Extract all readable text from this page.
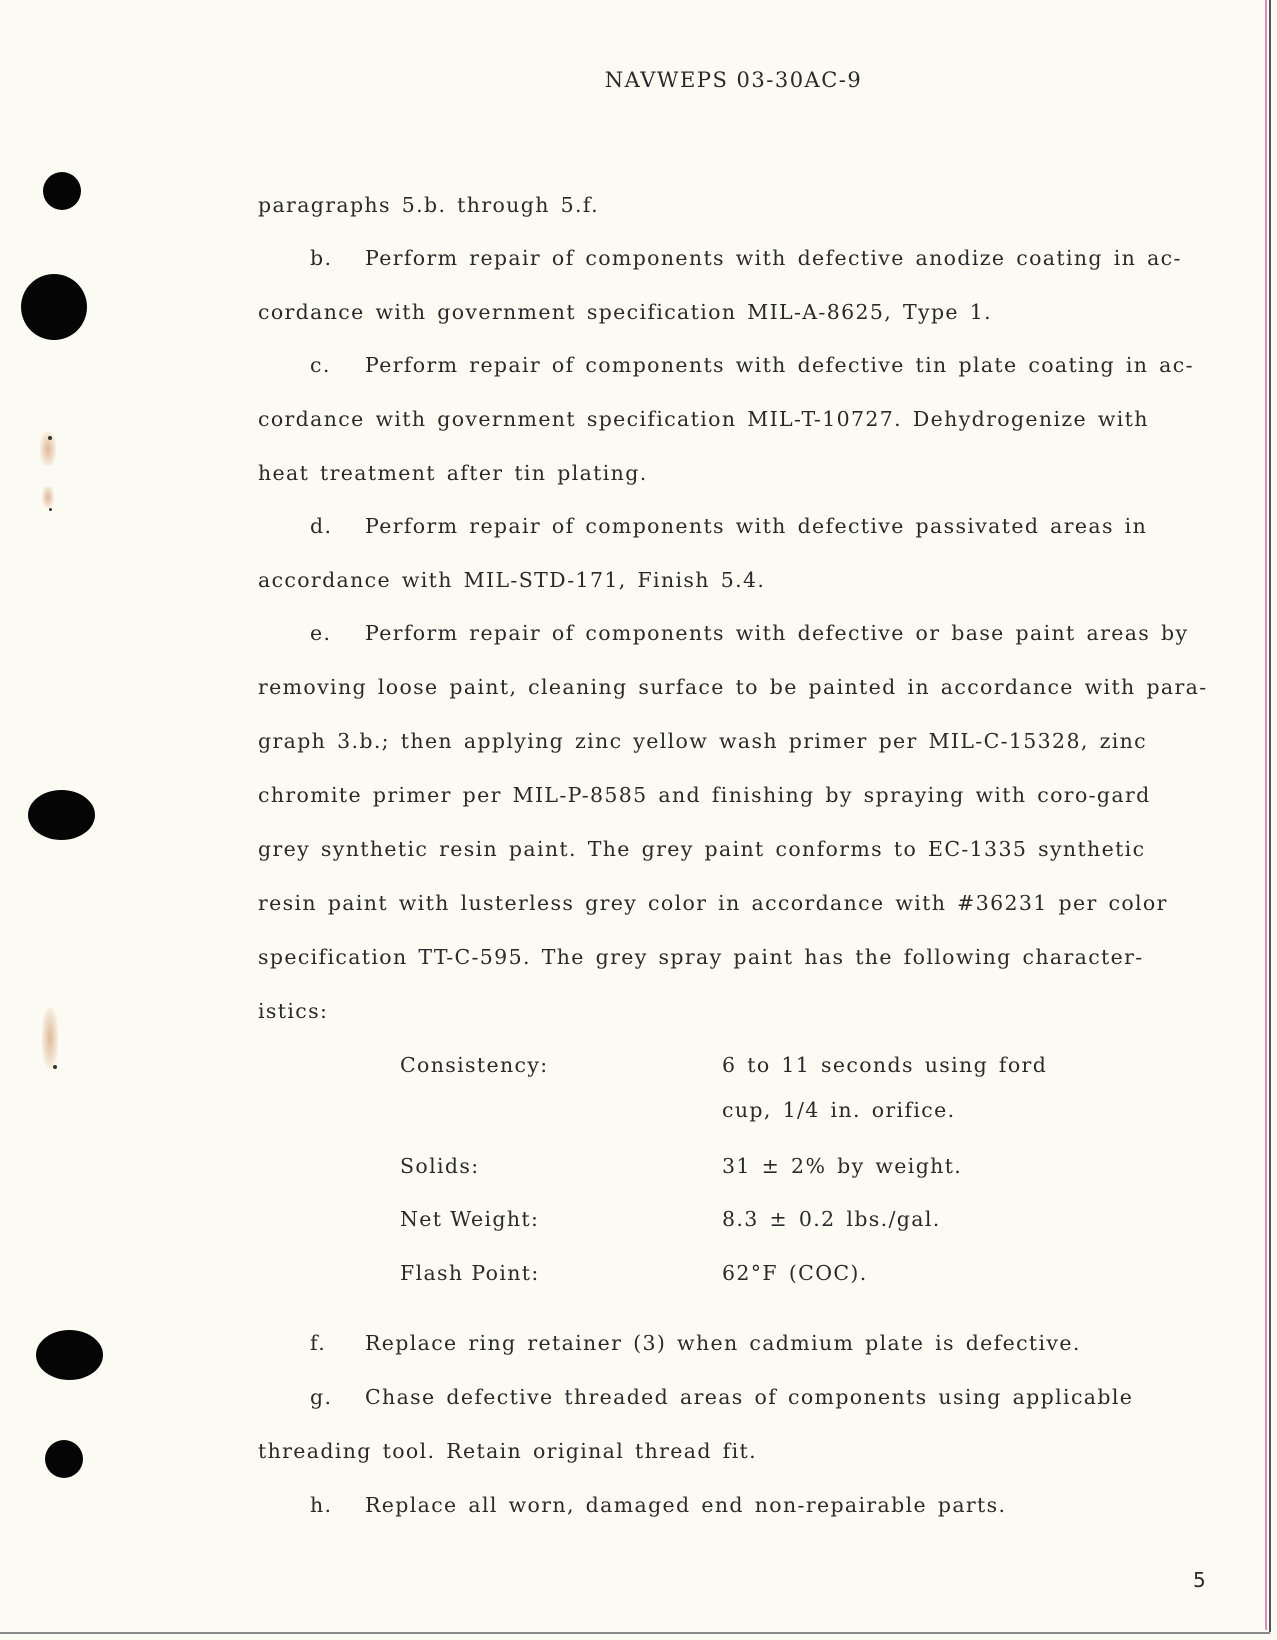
NAVWEPS 03-30AC-9
paragraphs 5.b. through 5.f.
b. Perform repair of components with defective anodize coating in ac-
cordance with government specification MIL-A-8625, Type 1.
c. Perform repair of components with defective tin plate coating in ac-
cordance with government specification MIL-T-10727. Dehydrogenize with
heat treatment after tin plating.
d. Perform repair of components with defective passivated areas in
accordance with MIL-STD-171, Finish 5.4.
e. Perform repair of components with defective or base paint areas by
removing loose paint, cleaning surface to be painted in accordance with para-
graph 3.b.; then applying zinc yellow wash primer per MIL-C-15328, zinc
chromite primer per MIL-P-8585 and finishing by spraying with coro-gard
grey synthetic resin paint. The grey paint conforms to EC-1335 synthetic
resin paint with lusterless grey color in accordance with #36231 per color
specification TT-C-595. The grey spray paint has the following character-
istics:
Consistency:	6 to 11 seconds using ford
cup, 1/4 in. orifice.
Solids:	31 ± 2% by weight.
Net Weight:	8.3 ± 0.2 lbs./gal.
Flash Point:	62°F (COC).
f. Replace ring retainer (3) when cadmium plate is defective.
g. Chase defective threaded areas of components using applicable
threading tool. Retain original thread fit.
h. Replace all worn, damaged end non-repairable parts.
5
